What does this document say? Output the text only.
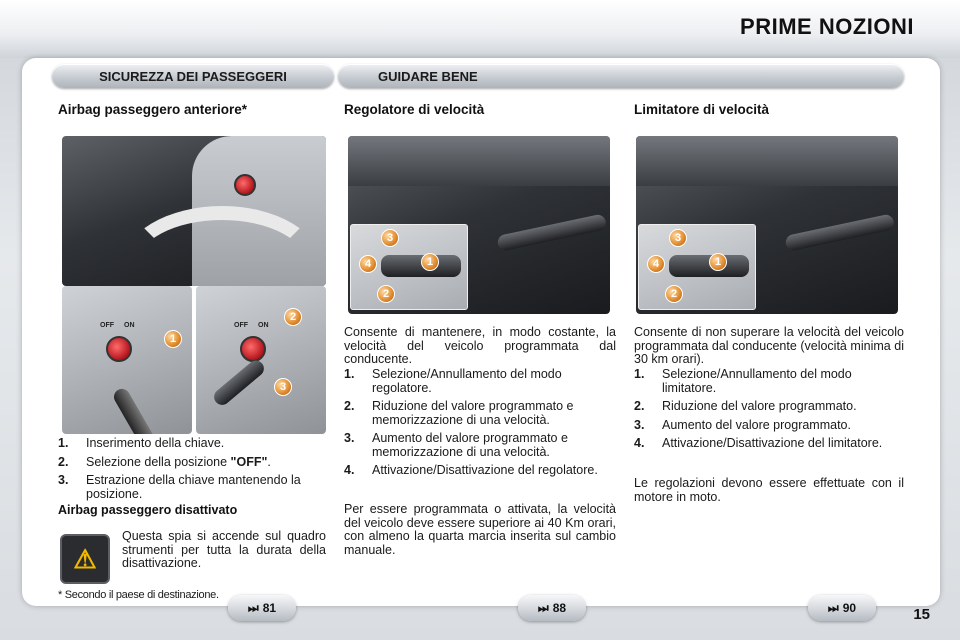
PRIME NOZIONI
SICUREZZA DEI PASSEGGERI	GUIDARE BENE
Airbag passeggero anteriore*
OFF ON
1
OFF ON
2
3
1.	Inserimento della chiave.
2.	Selezione della posizione "OFF".
3.	Estrazione della chiave mantenendo la posizione.
Airbag passeggero disattivato
⚠
Questa spia si accende sul quadro strumenti per tutta la durata della disattivazione.
* Secondo il paese di destinazione.
Regolatore di velocità
3
4	1
2
Consente di mantenere, in modo costante, la velocità del veicolo programmata dal conducente.
1.	Selezione/Annullamento del modo regolatore.
2.	Riduzione del valore programmato e memorizzazione di una velocità.
3.	Aumento del valore programmato e memorizzazione di una velocità.
4.	Attivazione/Disattivazione del regolatore.
Per essere programmata o attivata, la velocità del veicolo deve essere superiore ai 40 Km orari, con almeno la quarta marcia inserita sul cambio manuale.
Limitatore di velocità
3
4	1
2
Consente di non superare la velocità del veicolo programmata dal conducente (velocità minima di 30 km orari).
1.	Selezione/Annullamento del modo limitatore.
2.	Riduzione del valore programmato.
3.	Aumento del valore programmato.
4.	Attivazione/Disattivazione del limitatore.
Le regolazioni devono essere effettuate con il motore in moto.
⏭ 81	⏭ 88	⏭ 90	15
